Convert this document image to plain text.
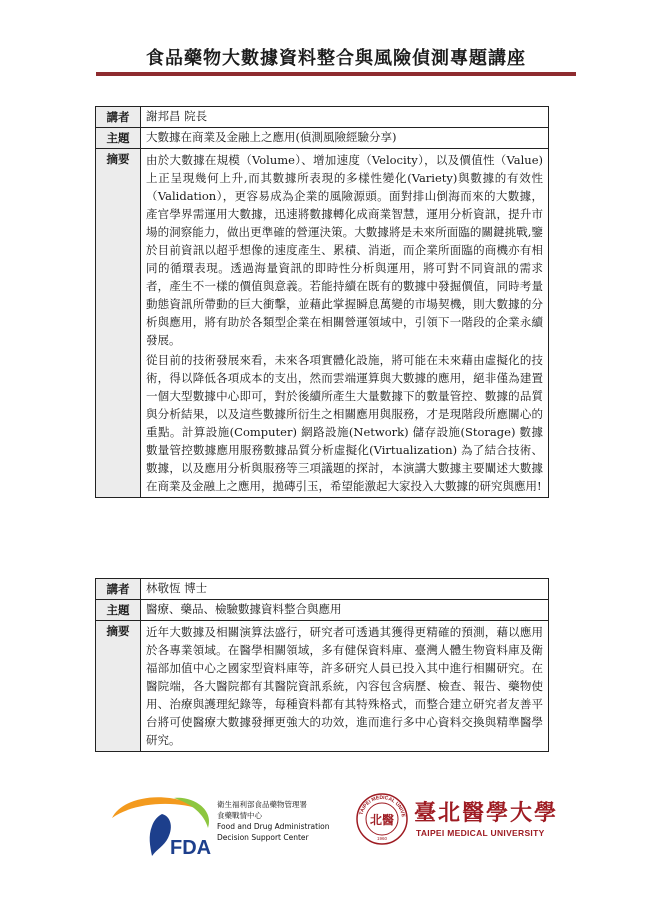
食品藥物大數據資料整合與風險偵測專題講座
講者	謝邦昌 院長
主題	大數據在商業及金融上之應用(偵測風險經驗分享)
摘要	由於大數據在規模（Volume）、增加速度（Velocity），以及價值性（Value)上正呈現幾何上升,而其數據所表現的多樣性變化(Variety)與數據的有效性（Validation），更容易成為企業的風險源頭。面對排山倒海而來的大數據，產官學界需運用大數據，迅速將數據轉化成商業智慧，運用分析資訊，提升市場的洞察能力，做出更準確的營運決策。大數據將是未來所面臨的關鍵挑戰,鑒於目前資訊以超乎想像的速度產生、累積、消逝，而企業所面臨的商機亦有相同的循環表現。透過海量資訊的即時性分析與運用，將可對不同資訊的需求者，產生不一樣的價值與意義。若能持續在既有的數據中發掘價值，同時考量動態資訊所帶動的巨大衝擊，並藉此掌握瞬息萬變的市場契機，則大數據的分析與應用，將有助於各類型企業在相關營運領域中，引領下一階段的企業永續發展。
從目前的技術發展來看，未來各項實體化設施，將可能在未來藉由虛擬化的技術，得以降低各項成本的支出，然而雲端運算與大數據的應用，絕非僅為建置一個大型數據中心即可，對於後續所產生大量數據下的數量管控、數據的品質與分析結果，以及這些數據所衍生之相關應用與服務，才是現階段所應關心的重點。計算設施(Computer) 網路設施(Network) 儲存設施(Storage) 數據數量管控數據應用服務數據品質分析虛擬化(Virtualization) 為了結合技術、數據，以及應用分析與服務等三項議題的探討，本演講大數據主要闡述大數據在商業及金融上之應用，拋磚引玉，希望能激起大家投入大數據的研究與應用!
講者	林敬恆 博士
主題	醫療、藥品、檢驗數據資料整合與應用
摘要	近年大數據及相關演算法盛行，研究者可透過其獲得更精確的預測，藉以應用於各專業領域。在醫學相關領域，多有健保資料庫、臺灣人體生物資料庫及衛福部加值中心之國家型資料庫等，許多研究人員已投入其中進行相關研究。在醫院端，各大醫院都有其醫院資訊系統，內容包含病歷、檢查、報告、藥物使用、治療與護理紀錄等，每種資料都有其特殊格式，而整合建立研究者友善平台將可使醫療大數據發揮更強大的功效，進而進行多中心資料交換與精準醫學研究。
FDA
衛生福利部食品藥物管理署
食藥戰情中心
Food and Drug Administration
Decision Support Center
TAIPEI MEDICAL UNIVE
北醫
1960
臺北醫學大學
TAIPEI MEDICAL UNIVERSITY
